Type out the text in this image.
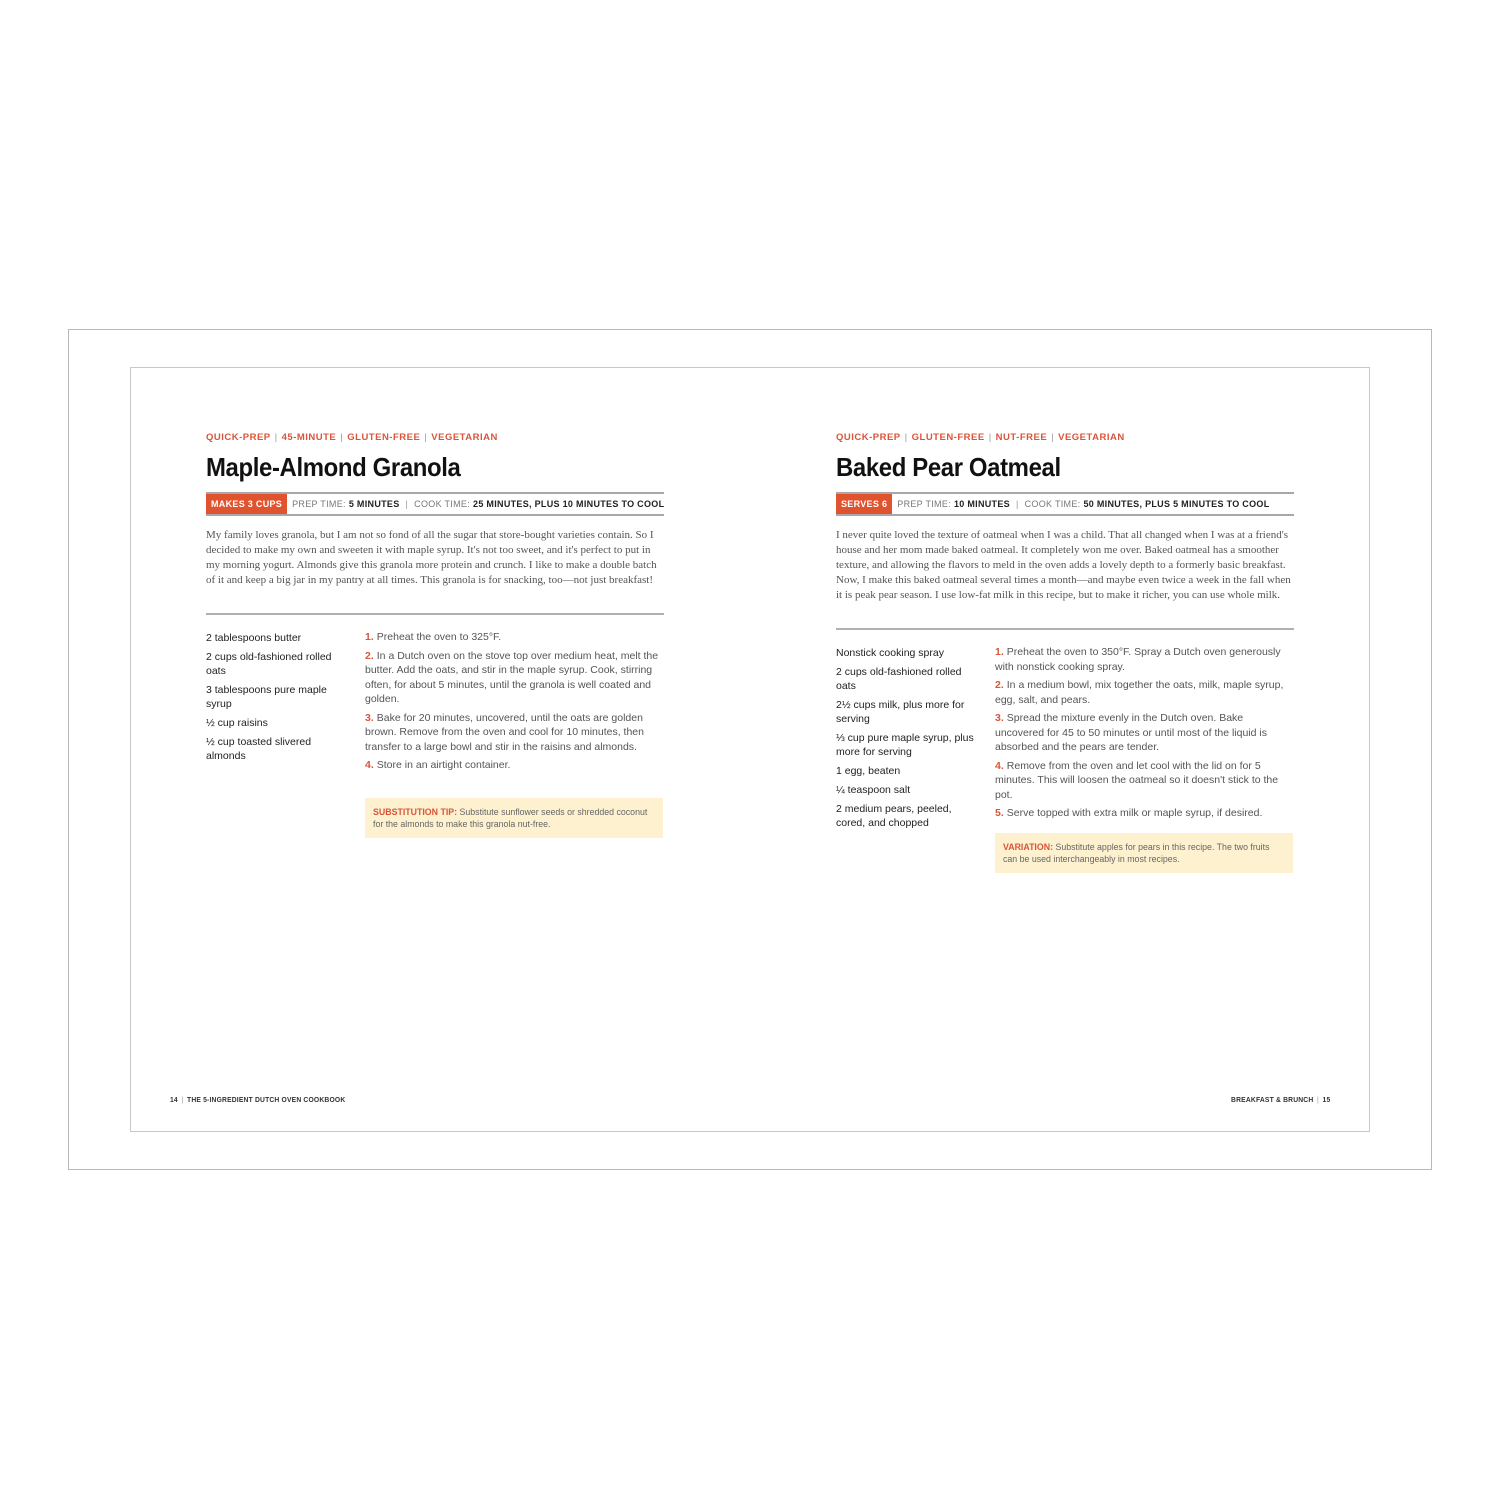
QUICK-PREP | 45-MINUTE | GLUTEN-FREE | VEGETARIAN
Maple-Almond Granola
MAKES 3 CUPS	PREP TIME: 5 MINUTES | COOK TIME: 25 MINUTES, PLUS 10 MINUTES TO COOL

My family loves granola, but I am not so fond of all the sugar that store-bought varieties contain. So I decided to make my own and sweeten it with maple syrup. It's not too sweet, and it's perfect to put in my morning yogurt. Almonds give this granola more protein and crunch. I like to make a double batch of it and keep a big jar in my pantry at all times. This granola is for snacking, too—not just breakfast!

2 tablespoons butter
2 cups old-fashioned rolled oats
3 tablespoons pure maple syrup
½ cup raisins
½ cup toasted slivered almonds
1. Preheat the oven to 325°F.
2. In a Dutch oven on the stove top over medium heat, melt the butter. Add the oats, and stir in the maple syrup. Cook, stirring often, for about 5 minutes, until the granola is well coated and golden.
3. Bake for 20 minutes, uncovered, until the oats are golden brown. Remove from the oven and cool for 10 minutes, then transfer to a large bowl and stir in the raisins and almonds.
4. Store in an airtight container.
SUBSTITUTION TIP: Substitute sunflower seeds or shredded coconut for the almonds to make this granola nut-free.
14 | THE 5-INGREDIENT DUTCH OVEN COOKBOOK
QUICK-PREP | GLUTEN-FREE | NUT-FREE | VEGETARIAN
Baked Pear Oatmeal
SERVES 6	PREP TIME: 10 MINUTES | COOK TIME: 50 MINUTES, PLUS 5 MINUTES TO COOL

I never quite loved the texture of oatmeal when I was a child. That all changed when I was at a friend's house and her mom made baked oatmeal. It completely won me over. Baked oatmeal has a smoother texture, and allowing the flavors to meld in the oven adds a lovely depth to a formerly basic breakfast. Now, I make this baked oatmeal several times a month—and maybe even twice a week in the fall when it is peak pear season. I use low-fat milk in this recipe, but to make it richer, you can use whole milk.

Nonstick cooking spray
2 cups old-fashioned rolled oats
2½ cups milk, plus more for serving
⅓ cup pure maple syrup, plus more for serving
1 egg, beaten
¼ teaspoon salt
2 medium pears, peeled, cored, and chopped
1. Preheat the oven to 350°F. Spray a Dutch oven generously with nonstick cooking spray.
2. In a medium bowl, mix together the oats, milk, maple syrup, egg, salt, and pears.
3. Spread the mixture evenly in the Dutch oven. Bake uncovered for 45 to 50 minutes or until most of the liquid is absorbed and the pears are tender.
4. Remove from the oven and let cool with the lid on for 5 minutes. This will loosen the oatmeal so it doesn't stick to the pot.
5. Serve topped with extra milk or maple syrup, if desired.
VARIATION: Substitute apples for pears in this recipe. The two fruits can be used interchangeably in most recipes.
BREAKFAST & BRUNCH | 15
